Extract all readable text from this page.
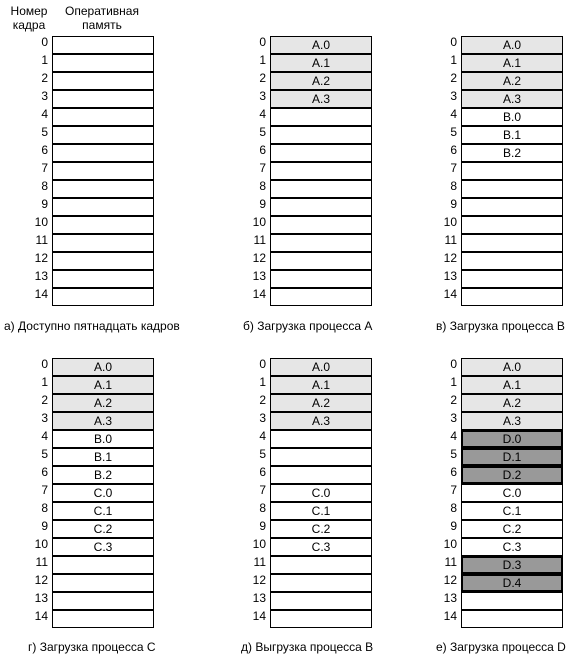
Номер
кадра
Оперативная
память
0
1
2
3
4
5
6
7
8
9
10
11
12
13
14
а) Доступно пятнадцать кадров
0	A.0
1	A.1
2	A.2
3	A.3
4
5
6
7
8
9
10
11
12
13
14
б) Загрузка процесса А
0	A.0
1	A.1
2	A.2
3	A.3
4	B.0
5	B.1
6	B.2
7
8
9
10
11
12
13
14
в) Загрузка процесса В
0	A.0
1	A.1
2	A.2
3	A.3
4	B.0
5	B.1
6	B.2
7	C.0
8	C.1
9	C.2
10	C.3
11
12
13
14
г) Загрузка процесса С
0	A.0
1	A.1
2	A.2
3	A.3
4
5
6
7	C.0
8	C.1
9	C.2
10	C.3
11
12
13
14
д) Выгрузка процесса В
0	A.0
1	A.1
2	A.2
3	A.3
4	D.0
5	D.1
6	D.2
7	C.0
8	C.1
9	C.2
10	C.3
11	D.3
12	D.4
13
14
е) Загрузка процесса D
